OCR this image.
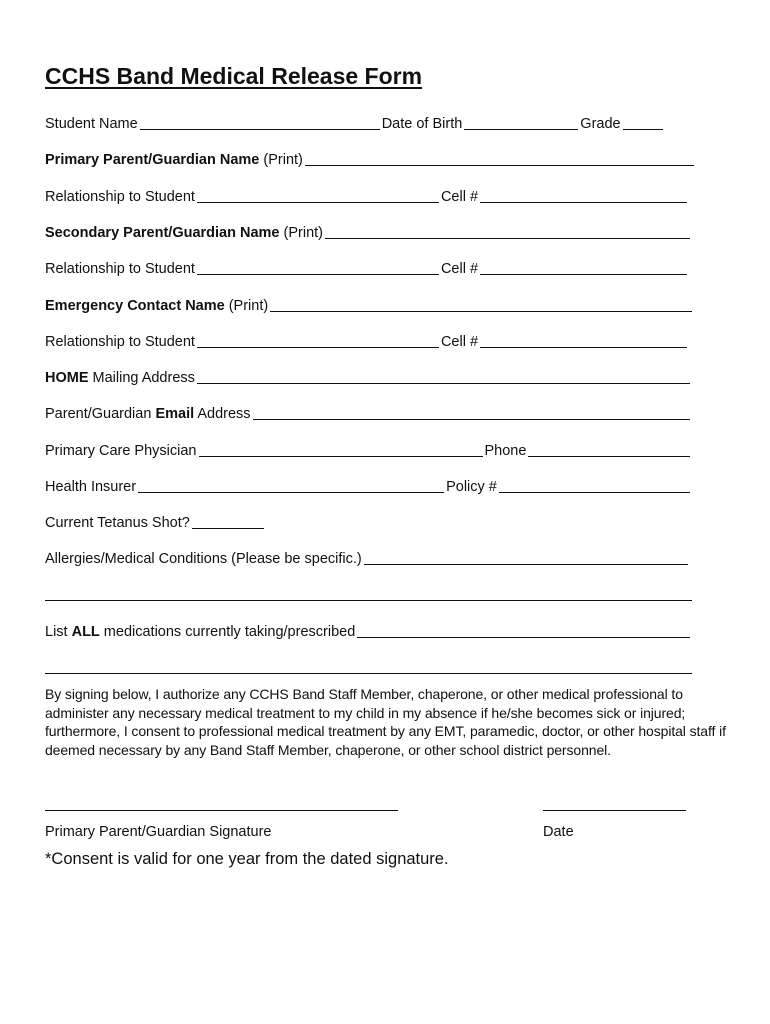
CCHS Band Medical Release Form
Student Name	Date of Birth	Grade
Primary Parent/Guardian Name (Print)
Relationship to Student	Cell #
Secondary Parent/Guardian Name (Print)
Relationship to Student	Cell #
Emergency Contact Name (Print)
Relationship to Student	Cell #
HOME Mailing Address
Parent/Guardian Email Address
Primary Care Physician	Phone
Health Insurer	Policy #
Current Tetanus Shot?
Allergies/Medical Conditions (Please be specific.)
List ALL medications currently taking/prescribed

By signing below, I authorize any CCHS Band Staff Member, chaperone, or other medical professional to administer any necessary medical treatment to my child in my absence if he/she becomes sick or injured; furthermore, I consent to professional medical treatment by any EMT, paramedic, doctor, or other hospital staff if deemed necessary by any Band Staff Member, chaperone, or other school district personnel.

Primary Parent/Guardian Signature	Date
*Consent is valid for one year from the dated signature.
